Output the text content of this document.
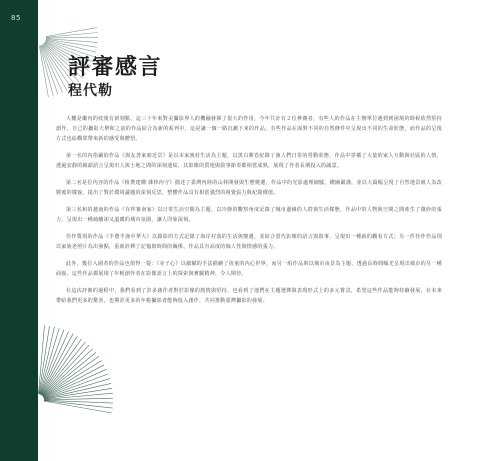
85
評審感言
程代勒

大概是繼內的疫後有新刻點，這三十年來對美攝影界人的機融發揮了很大的作用，今年共計有２位參賽者，有些人的作品在主辦單位遇到到困境的時候依然堅持創作，自己的攝影大舉和之前的作品結合為新的系列中，這是讓一個一路沉澱下來的作品。有些作品在面對不同的自然條件中呈現出不同的生命狀態，而作品的呈現方式也給觀眾帶來新的感受與體悟。

第一名的內指爾的作品《與友善家朋近景》是以本家漁村生活為主題，以黑白膠卷紀錄了漁人們日常的勞動狀態，作品中穿插了大量的家人互動與社區的人情，透過安靜的鏡頭語言呈現出人與土地之間的深刻連結，其影像的質地與敘事節奏都相當成熟，展現了作者長期投入的誠意。

第二名是位內容的作品《植農建構‧雜林內守》描述了臺灣內陸的山林開發與生態變遷，作品中的光影處理細膩，構圖嚴謹，並以大篇幅呈現了自然地景被人為改變後的樣貌，提出了對於環境議題的深刻反思，整體作品具有相當強烈的視覺張力與紀錄價值。

第三名和的越南的作品《存拜審南家》以日常生活空間為主題，以冷靜的觀察角度記錄了城市邊緣的人群與生活樣態，作品中的人物與空間之間產生了微妙的張力，呈現出一種疏離卻又溫暖的城市氛圍，讓人印象深刻。

佳作獎項的作品《半農半漁中華大》以錄影的方式記錄了海岸村落的生活與變遷，並結合當代影像的語言與敘事，呈現出一種新的觀看方式；另一件佳作作品則以家族老照片為出發點，重新詮釋了記憶與時間的關係，作品具有高度的個人性與情感的張力。

此外，幾位入圍者的作品也值得一提：《赤子心》以細膩的手法描繪了孩童的內心世界，而另一組作品則以城市夜景為主題，透過長時間曝光呈現出城市的另一種面貌，這些作品都展現了年輕創作者在影像語言上的探索與實驗精神，令人期待。

在這次評審的過程中，我們看到了許多創作者對於影像的熱情與堅持，也看到了他們在主題選擇與表現形式上的多元嘗試，希望這些作品能夠持續發展，在未來帶給我們更多的驚喜，也期許更多的年輕攝影者能夠投入創作，共同推動臺灣攝影的發展。
